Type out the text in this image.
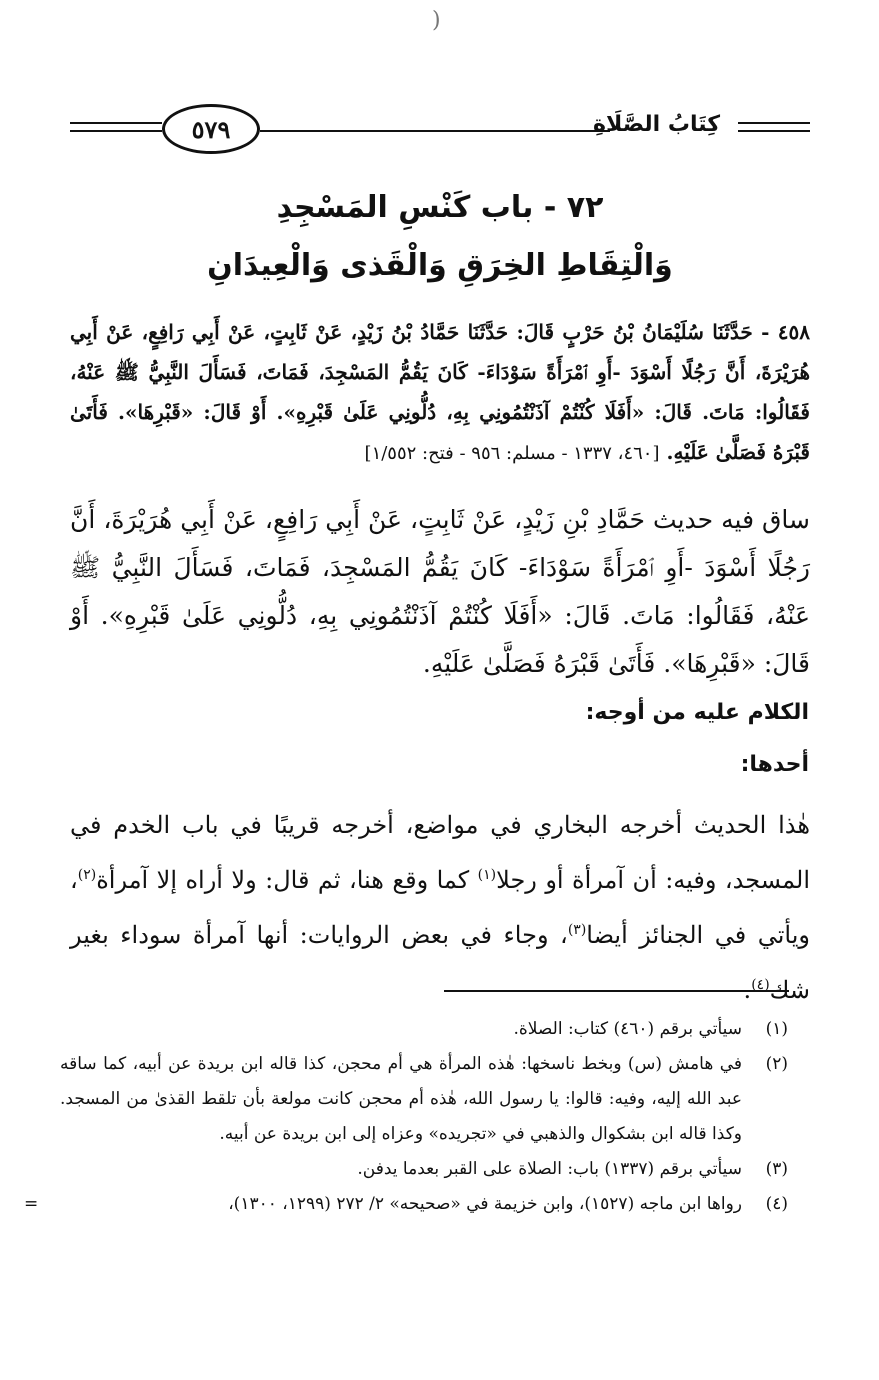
)
٥٧٩	كِتَابُ الصَّلَاةِ
٧٢ - باب كَنْسِ المَسْجِدِ
وَالْتِقَاطِ الخِرَقِ وَالْقَذى وَالْعِيدَانِ
٤٥٨ - حَدَّثَنَا سُلَيْمَانُ بْنُ حَرْبٍ قَالَ: حَدَّثَنَا حَمَّادُ بْنُ زَيْدٍ، عَنْ ثَابِتٍ، عَنْ أَبِي رَافِعٍ، عَنْ أَبِي هُرَيْرَةَ، أَنَّ رَجُلًا أَسْوَدَ -أَوِ ٱمْرَأَةً سَوْدَاءَ- كَانَ يَقُمُّ المَسْجِدَ، فَمَاتَ، فَسَأَلَ النَّبِيُّ ﷺ عَنْهُ، فَقَالُوا: مَاتَ. قَالَ: «أَفَلَا كُنْتُمْ آذَنْتُمُونِي بِهِ، دُلُّونِي عَلَىٰ قَبْرِهِ». أَوْ قَالَ: «قَبْرِهَا». فَأَتَىٰ قَبْرَهُ فَصَلَّىٰ عَلَيْهِ. [٤٦٠، ١٣٣٧ - مسلم: ٩٥٦ - فتح: ١/٥٥٢]
ساق فيه حديث حَمَّادِ بْنِ زَيْدٍ، عَنْ ثَابِتٍ، عَنْ أَبِي رَافِعٍ، عَنْ أَبِي هُرَيْرَةَ، أَنَّ رَجُلًا أَسْوَدَ -أَوِ ٱمْرَأَةً سَوْدَاءَ- كَانَ يَقُمُّ المَسْجِدَ، فَمَاتَ، فَسَأَلَ النَّبِيُّ ﷺ عَنْهُ، فَقَالُوا: مَاتَ. قَالَ: «أَفَلَا كُنْتُمْ آذَنْتُمُونِي بِهِ، دُلُّونِي عَلَىٰ قَبْرِهِ». أَوْ قَالَ: «قَبْرِهَا». فَأَتَىٰ قَبْرَهُ فَصَلَّىٰ عَلَيْهِ.
الكلام عليه من أوجه:
أحدها:
هٰذا الحديث أخرجه البخاري في مواضع، أخرجه قريبًا في باب الخدم في المسجد، وفيه: أن آمرأة أو رجلا$^{(١)}$ كما وقع هنا، ثم قال: ولا أراه إلا آمرأة$^{(٢)}$، ويأتي في الجنائز أيضا$^{(٣)}$، وجاء في بعض الروايات: أنها آمرأة سوداء بغير شك$^{(٤)}$.
(١)
سيأتي برقم (٤٦٠) كتاب: الصلاة.
(٢)
في هامش (س) وبخط ناسخها: هٰذه المرأة هي أم محجن، كذا قاله ابن بريدة عن أبيه، كما ساقه عبد الله إليه، وفيه: قالوا: يا رسول الله، هٰذه أم محجن كانت مولعة بأن تلقط القذىٰ من المسجد. وكذا قاله ابن بشكوال والذهبي في «تجريده» وعزاه إلى ابن بريدة عن أبيه.
(٣)
سيأتي برقم (١٣٣٧) باب: الصلاة على القبر بعدما يدفن.
(٤)
رواها ابن ماجه (١٥٢٧)، وابن خزيمة في «صحيحه» ٢/ ٢٧٢ (١٢٩٩، ١٣٠٠)،
=
